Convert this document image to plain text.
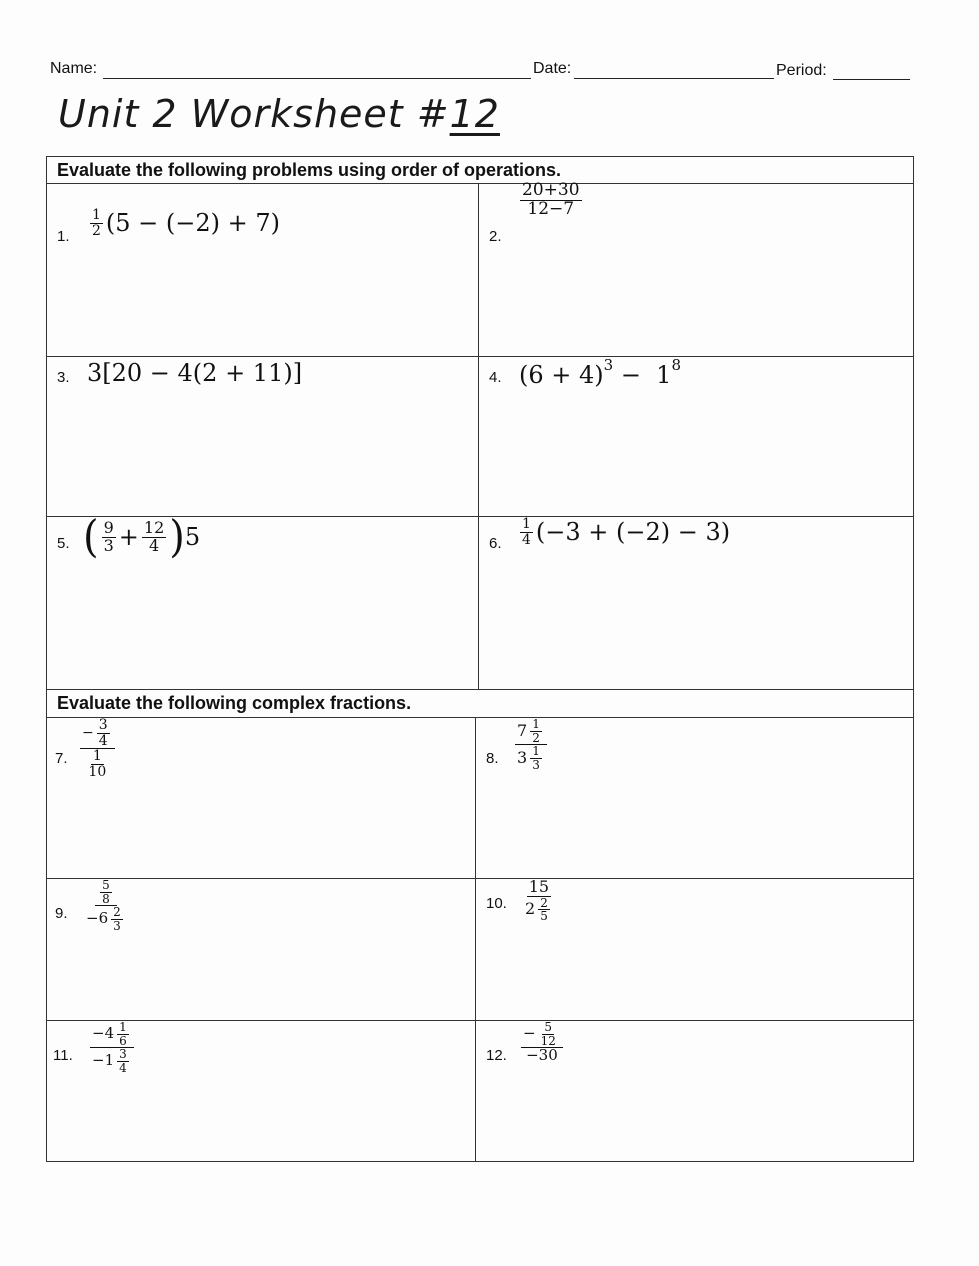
Name:	Date:	Period:
Unit 2 Worksheet #12
Evaluate the following problems using order of operations.
1. $\frac{1}{2} (5 - (-2) + 7)$	2.
$\frac{20+30}{12-7}$
3. 3[20 − 4(2 + 11)]	4. (6 + 4) 3 −  1 8
5. ( $\frac{9}{3} + \frac{12}{4}$ ) 5	6. $\frac{1}{4} (-3 + (-2) - 3)$
Evaluate the following complex fractions.
7. $\frac{- \frac{3}{4}}{\frac{1}{10}}$	8. $\frac{7 \frac{1}{2}}{3 \frac{1}{3}}$
9. $\frac{\frac{5}{8}}{-6 \frac{2}{3}}$	10. $\frac{15}{2 \frac{2}{5}}$
11. $\frac{-4 \frac{1}{6}}{-1 \frac{3}{4}}$	12. $\frac{- \frac{5}{12}}{-30}$
